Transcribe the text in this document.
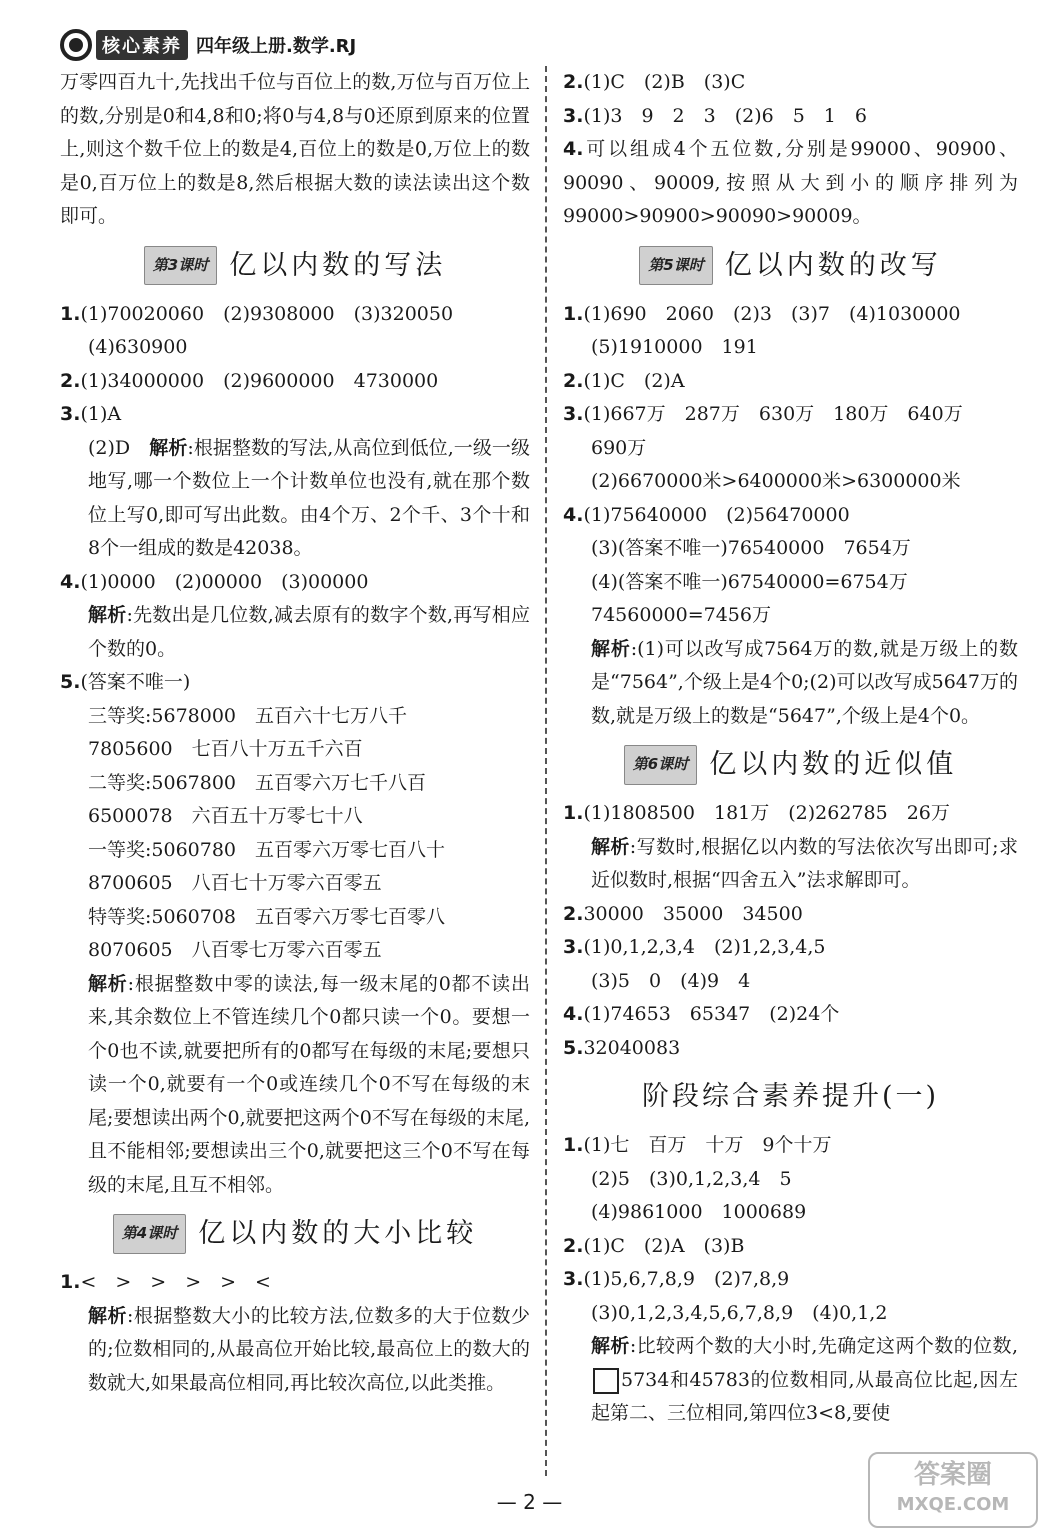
核心素养 四年级上册.数学.RJ

万零四百九十,先找出千位与百位上的数,万位与百万位上的数,分别是0和4,8和0;将0与4,8与0还原到原来的位置上,则这个数千位上的数是4,百位上的数是0,万位上的数是0,百万位上的数是8,然后根据大数的读法读出这个数即可。

第3课时 亿以内数的写法
1.(1)70020060　(2)9308000　(3)320050
(4)630900
2.(1)34000000　(2)9600000　4730000
3.(1)A

(2)D　解析:根据整数的写法,从高位到低位,一级一级地写,哪一个数位上一个计数单位也没有,就在那个数位上写0,即可写出此数。由4个万、2个千、3个十和8个一组成的数是42038。

4.(1)0000　(2)00000　(3)00000

解析:先数出是几位数,减去原有的数字个数,再写相应个数的0。

5.(答案不唯一)
三等奖:5678000　五百六十七万八千
7805600　七百八十万五千六百
二等奖:5067800　五百零六万七千八百
6500078　六百五十万零七十八
一等奖:5060780　五百零六万零七百八十
8700605　八百七十万零六百零五
特等奖:5060708　五百零六万零七百零八
8070605　八百零七万零六百零五

解析:根据整数中零的读法,每一级末尾的0都不读出来,其余数位上不管连续几个0都只读一个0。要想一个0也不读,就要把所有的0都写在每级的末尾;要想只读一个0,就要有一个0或连续几个0不写在每级的末尾;要想读出两个0,就要把这两个0不写在每级的末尾,且不能相邻;要想读出三个0,就要把这三个0不写在每级的末尾,且互不相邻。

第4课时 亿以内数的大小比较
1.<　>　>　>　>　<

解析:根据整数大小的比较方法,位数多的大于位数少的;位数相同的,从最高位开始比较,最高位上的数大的数就大,如果最高位相同,再比较次高位,以此类推。

2.(1)C　(2)B　(3)C
3.(1)3　9　2　3　(2)6　5　1　6

4.可以组成4个五位数,分别是99000、90900、90090、90009,按照从大到小的顺序排列为99000>90900>90090>90009。

第5课时 亿以内数的改写
1.(1)690　2060　(2)3　(3)7　(4)1030000
(5)1910000　191
2.(1)C　(2)A
3.(1)667万　287万　630万　180万　640万
690万
(2)6670000米>6400000米>6300000米
4.(1)75640000　(2)56470000
(3)(答案不唯一)76540000　7654万
(4)(答案不唯一)67540000=6754万
74560000=7456万

解析:(1)可以改写成7564万的数,就是万级上的数是“7564”,个级上是4个0;(2)可以改写成5647万的数,就是万级上的数是“5647”,个级上是4个0。

第6课时 亿以内数的近似值
1.(1)1808500　181万　(2)262785　26万

解析:写数时,根据亿以内数的写法依次写出即可;求近似数时,根据“四舍五入”法求解即可。

2.30000　35000　34500
3.(1)0,1,2,3,4　(2)1,2,3,4,5
(3)5　0　(4)9　4
4.(1)74653　65347　(2)24个
5.32040083
阶段综合素养提升(一)
1.(1)七　百万　十万　9个十万
(2)5　(3)0,1,2,3,4　5
(4)9861000　1000689
2.(1)C　(2)A　(3)B
3.(1)5,6,7,8,9　(2)7,8,9
(3)0,1,2,3,4,5,6,7,8,9　(4)0,1,2

解析:比较两个数的大小时,先确定这两个数的位数,5734和45783的位数相同,从最高位比起,因左起第二、三位相同,第四位3<8,要使

— 2 —
答案圈
MXQE.COM
